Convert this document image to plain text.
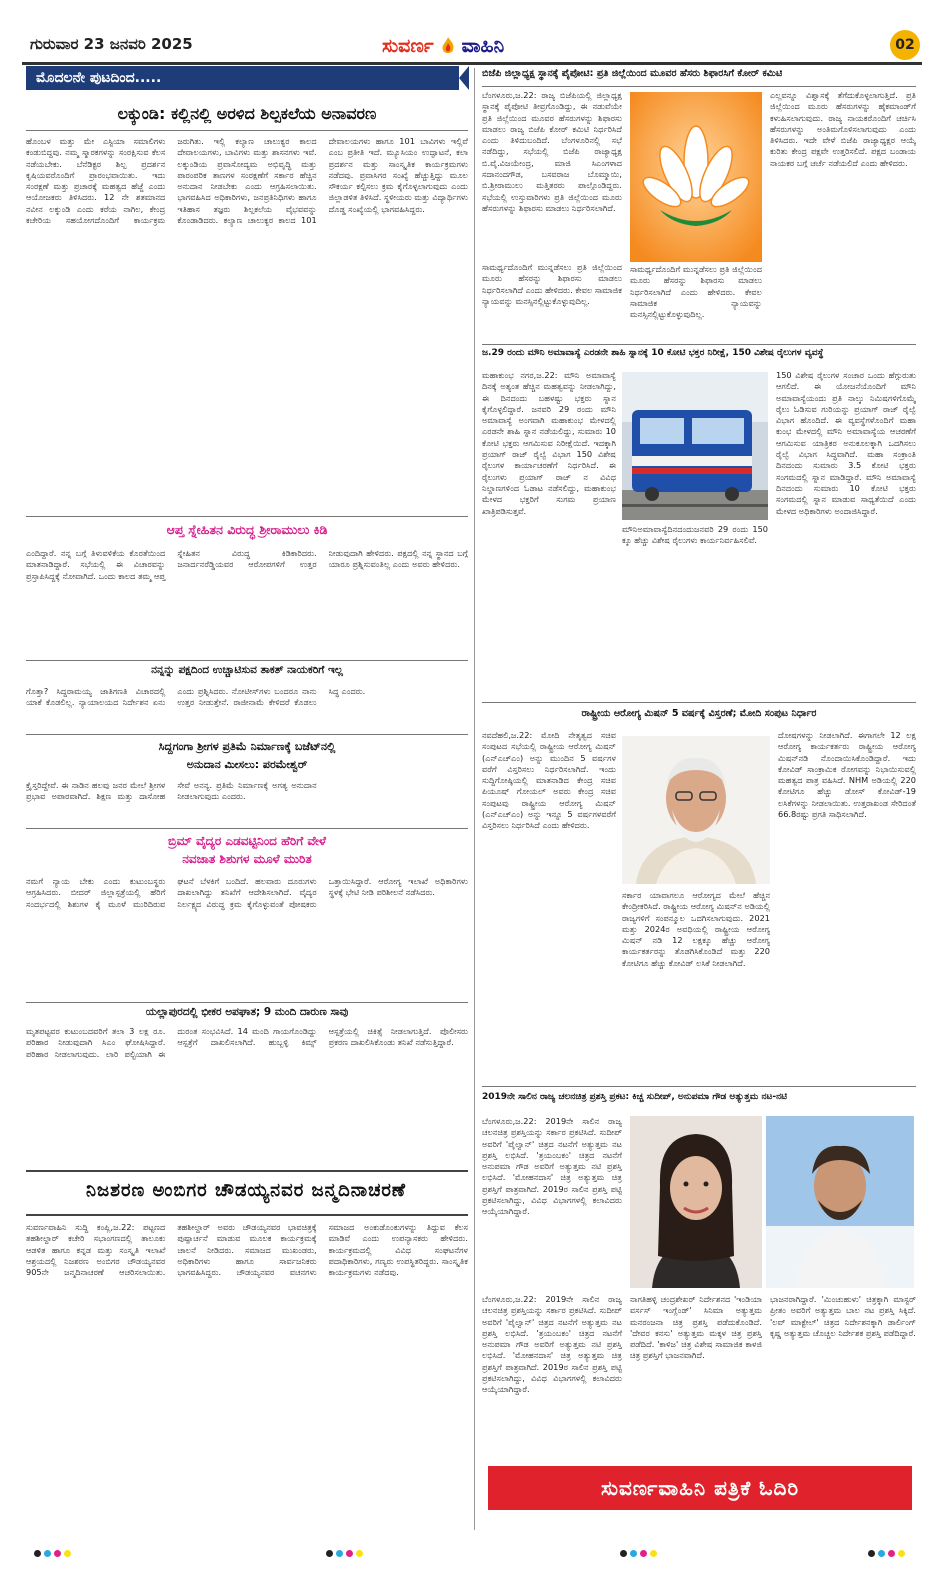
ಗುರುವಾರ 23 ಜನವರಿ 2025	ಸುವರ್ಣ ವಾಹಿನಿ	02
ಮೊದಲನೇ ಪುಟದಿಂದ.....
ಲಕ್ಕುಂಡಿ: ಕಲ್ಲಿನಲ್ಲಿ ಅರಳಿದ ಶಿಲ್ಪಕಲೆಯ ಅನಾವರಣ
ಹೊಂಬಳ ಮತ್ತು ಮೇ ಎಸ್ಟಿಯಾ ಸಮಾಲಿಗಳು ಕಂಡುಬಿದ್ದವು. ನಮ್ಮ ಸ್ಮಾರಕಗಳನ್ನು ಸಂರಕ್ಷಿಸುವ ಕೆಲಸ ನಡೆಯಬೇಕು. ಬೆನೆಡಿಕ್ಟರ ಶಿಲ್ಪ ಪ್ರದರ್ಶನ ಕೃಷಿಯವರೊಂದಿಗೆ ಪ್ರಾರಂಭವಾಯಿತು. ಇದು ಸಂರಕ್ಷಣೆ ಮತ್ತು ಪ್ರಚಾರಕ್ಕೆ ಮಹತ್ವದ ಹೆಜ್ಜೆ ಎಂದು ಆಯೋಜಕರು ತಿಳಿಸಿದರು. 12 ನೇ ಶತಮಾನದ ನವೀನ ಲಕ್ಕುಂಡಿ ಎಂದು ಕರೆಯ ನಾಗಿಲ, ಕೇಂದ್ರ ಕಚೇರಿಯ ಸಹಯೋಗದೊಂದಿಗೆ ಕಾರ್ಯಕ್ರಮ ಜರುಗಿತು. ಇಲ್ಲಿ ಕಲ್ಯಾಣ ಚಾಲುಕ್ಯರ ಕಾಲದ ದೇವಾಲಯಗಳು, ಬಾವಿಗಳು ಮತ್ತು ಶಾಸನಗಳು ಇವೆ. ಲಕ್ಕುಂಡಿಯ ಪ್ರವಾಸೋದ್ಯಮ ಅಭಿವೃದ್ಧಿ ಮತ್ತು ಪಾರಂಪರಿಕ ತಾಣಗಳ ಸಂರಕ್ಷಣೆಗೆ ಸರ್ಕಾರ ಹೆಚ್ಚಿನ ಅನುದಾನ ನೀಡಬೇಕು ಎಂದು ಆಗ್ರಹಿಸಲಾಯಿತು. ಭಾಗವಹಿಸಿದ ಅಧಿಕಾರಿಗಳು, ಜನಪ್ರತಿನಿಧಿಗಳು ಹಾಗೂ ಇತಿಹಾಸ ತಜ್ಞರು ಶಿಲ್ಪಕಲೆಯ ವೈಭವವನ್ನು ಕೊಂಡಾಡಿದರು. ಕಲ್ಯಾಣ ಚಾಲುಕ್ಯರ ಕಾಲದ 101 ದೇವಾಲಯಗಳು ಹಾಗೂ 101 ಬಾವಿಗಳು ಇಲ್ಲಿವೆ ಎಂಬ ಪ್ರತೀತಿ ಇದೆ. ಮ್ಯೂಸಿಯಂ ಉದ್ಘಾಟನೆ, ಕಲಾ ಪ್ರದರ್ಶನ ಮತ್ತು ಸಾಂಸ್ಕೃತಿಕ ಕಾರ್ಯಕ್ರಮಗಳು ನಡೆದವು. ಪ್ರವಾಸಿಗರ ಸಂಖ್ಯೆ ಹೆಚ್ಚುತ್ತಿದ್ದು ಮೂಲ ಸೌಕರ್ಯ ಕಲ್ಪಿಸಲು ಕ್ರಮ ಕೈಗೊಳ್ಳಲಾಗುವುದು ಎಂದು ಜಿಲ್ಲಾಡಳಿತ ತಿಳಿಸಿದೆ. ಸ್ಥಳೀಯರು ಮತ್ತು ವಿದ್ಯಾರ್ಥಿಗಳು ದೊಡ್ಡ ಸಂಖ್ಯೆಯಲ್ಲಿ ಭಾಗವಹಿಸಿದ್ದರು.
ಆಪ್ತ ಸ್ನೇಹಿತನ ವಿರುದ್ಧ ಶ್ರೀರಾಮುಲು ಕಿಡಿ
ಎಂದಿದ್ದಾರೆ. ನನ್ನ ಬಗ್ಗೆ ತಿಳುವಳಿಕೆಯ ಕೊರತೆಯಿಂದ ಮಾತನಾಡಿದ್ದಾರೆ. ಸಭೆಯಲ್ಲಿ ಈ ವಿಚಾರವನ್ನು ಪ್ರಸ್ತಾಪಿಸಿದ್ದಕ್ಕೆ ನೋವಾಗಿದೆ. ಒಂದು ಕಾಲದ ತಮ್ಮ ಆಪ್ತ ಸ್ನೇಹಿತನ ವಿರುದ್ಧ ಕಿಡಿಕಾರಿದರು. ಜನಾರ್ದನರೆಡ್ಡಿಯವರ ಆರೋಪಗಳಿಗೆ ಉತ್ತರ ನೀಡುವುದಾಗಿ ಹೇಳಿದರು. ಪಕ್ಷದಲ್ಲಿ ನನ್ನ ಸ್ಥಾನದ ಬಗ್ಗೆ ಯಾರೂ ಪ್ರಶ್ನಿಸುವಂತಿಲ್ಲ ಎಂದು ಅವರು ಹೇಳಿದರು.
ನನ್ನನ್ನು ಪಕ್ಷದಿಂದ ಉಚ್ಚಾಟಿಸುವ ತಾಕತ್ ನಾಯಕರಿಗೆ ಇಲ್ಲ
ಗೊತ್ತಾ? ಸಿದ್ದರಾಮಯ್ಯ ಜಾತಿಗಣತಿ ವಿಚಾರದಲ್ಲಿ ಯಾಕೆ ಕೊಡಲಿಲ್ಲ. ನ್ಯಾಯಾಲಯದ ನಿರ್ದೇಶನ ಏನು ಎಂದು ಪ್ರಶ್ನಿಸಿದರು. ನೋಟೀಸ್‌ಗಳು ಬಂದರೂ ನಾನು ಉತ್ತರ ನೀಡುತ್ತೇನೆ. ರಾಜೀನಾಮೆ ಕೇಳಿದರೆ ಕೊಡಲು ಸಿದ್ಧ ಎಂದರು.
ಸಿದ್ದಗಂಗಾ ಶ್ರೀಗಳ ಪ್ರತಿಮೆ ನಿರ್ಮಾಣಕ್ಕೆ ಬಜೆಟ್‌ನಲ್ಲಿ
ಅನುದಾನ ಮೀಸಲು: ಪರಮೇಶ್ವರ್
ಕ್ರೈಸ್ತರಿದ್ದೇವೆ. ಈ ನಾಡಿನ ಹಲವು ಜನರ ಮೇಲೆ ಶ್ರೀಗಳ ಪ್ರಭಾವ ಅಪಾರವಾಗಿದೆ. ಶಿಕ್ಷಣ ಮತ್ತು ದಾಸೋಹ ಸೇವೆ ಅನನ್ಯ. ಪ್ರತಿಮೆ ನಿರ್ಮಾಣಕ್ಕೆ ಅಗತ್ಯ ಅನುದಾನ ನೀಡಲಾಗುವುದು ಎಂದರು.
ಬ್ರಿಮ್ ವೈದ್ಯರ ಎಡವಟ್ಟಿನಿಂದ ಹೆರಿಗೆ ವೇಳೆ
ನವಜಾತ ಶಿಶುಗಳ ಮೂಳೆ ಮುರಿತ
ನಮಗೆ ನ್ಯಾಯ ಬೇಕು ಎಂದು ಕುಟುಂಬಸ್ಥರು ಆಗ್ರಹಿಸಿದರು. ಬೀದರ್ ಜಿಲ್ಲಾಸ್ಪತ್ರೆಯಲ್ಲಿ ಹೆರಿಗೆ ಸಂದರ್ಭದಲ್ಲಿ ಶಿಶುಗಳ ಕೈ ಮೂಳೆ ಮುರಿದಿರುವ ಘಟನೆ ಬೆಳಕಿಗೆ ಬಂದಿದೆ. ಹಲವಾರು ದೂರುಗಳು ದಾಖಲಾಗಿದ್ದು ತನಿಖೆಗೆ ಆದೇಶಿಸಲಾಗಿದೆ. ವೈದ್ಯರ ನಿರ್ಲಕ್ಷ್ಯದ ವಿರುದ್ಧ ಕ್ರಮ ಕೈಗೊಳ್ಳುವಂತೆ ಪೋಷಕರು ಒತ್ತಾಯಿಸಿದ್ದಾರೆ. ಆರೋಗ್ಯ ಇಲಾಖೆ ಅಧಿಕಾರಿಗಳು ಸ್ಥಳಕ್ಕೆ ಭೇಟಿ ನೀಡಿ ಪರಿಶೀಲನೆ ನಡೆಸಿದರು.
ಯಲ್ಲಾಪುರದಲ್ಲಿ ಭೀಕರ ಅಪಘಾತ; 9 ಮಂದಿ ದಾರುಣ ಸಾವು
ಮೃತಪಟ್ಟವರ ಕುಟುಂಬದವರಿಗೆ ತಲಾ 3 ಲಕ್ಷ ರೂ. ಪರಿಹಾರ ನೀಡುವುದಾಗಿ ಸಿಎಂ ಘೋಷಿಸಿದ್ದಾರೆ. ಪರಿಹಾರ ನೀಡಲಾಗುವುದು. ಲಾರಿ ಪಲ್ಟಿಯಾಗಿ ಈ ದುರಂತ ಸಂಭವಿಸಿದೆ. 14 ಮಂದಿ ಗಾಯಗೊಂಡಿದ್ದು ಆಸ್ಪತ್ರೆಗೆ ದಾಖಲಿಸಲಾಗಿದೆ. ಹುಬ್ಬಳ್ಳಿ ಕಿಮ್ಸ್ ಆಸ್ಪತ್ರೆಯಲ್ಲಿ ಚಿಕಿತ್ಸೆ ನೀಡಲಾಗುತ್ತಿದೆ. ಪೊಲೀಸರು ಪ್ರಕರಣ ದಾಖಲಿಸಿಕೊಂಡು ತನಿಖೆ ನಡೆಸುತ್ತಿದ್ದಾರೆ.
ನಿಜಶರಣ ಅಂಬಿಗರ ಚೌಡಯ್ಯನವರ ಜನ್ಮದಿನಾಚರಣೆ
ಸುವರ್ಣವಾಹಿನಿ ಸುದ್ದಿ ಕಂಪ್ಲಿ,ಜ.22: ಪಟ್ಟಣದ ತಹಶೀಲ್ದಾರ್ ಕಚೇರಿ ಸಭಾಂಗಣದಲ್ಲಿ ತಾಲೂಕು ಆಡಳಿತ ಹಾಗೂ ಕನ್ನಡ ಮತ್ತು ಸಂಸ್ಕೃತಿ ಇಲಾಖೆ ಆಶ್ರಯದಲ್ಲಿ ನಿಜಶರಣ ಅಂಬಿಗರ ಚೌಡಯ್ಯನವರ 905ನೇ ಜನ್ಮದಿನಾಚರಣೆ ಆಚರಿಸಲಾಯಿತು. ತಹಶೀಲ್ದಾರ್ ಅವರು ಚೌಡಯ್ಯನವರ ಭಾವಚಿತ್ರಕ್ಕೆ ಪುಷ್ಪಾರ್ಚನೆ ಮಾಡುವ ಮೂಲಕ ಕಾರ್ಯಕ್ರಮಕ್ಕೆ ಚಾಲನೆ ನೀಡಿದರು. ಸಮಾಜದ ಮುಖಂಡರು, ಅಧಿಕಾರಿಗಳು ಹಾಗೂ ಸಾರ್ವಜನಿಕರು ಭಾಗವಹಿಸಿದ್ದರು. ಚೌಡಯ್ಯನವರ ವಚನಗಳು ಸಮಾಜದ ಅಂಕುಡೊಂಕುಗಳನ್ನು ತಿದ್ದುವ ಕೆಲಸ ಮಾಡಿವೆ ಎಂದು ಉಪನ್ಯಾಸಕರು ಹೇಳಿದರು. ಕಾರ್ಯಕ್ರಮದಲ್ಲಿ ವಿವಿಧ ಸಂಘಟನೆಗಳ ಪದಾಧಿಕಾರಿಗಳು, ಗಣ್ಯರು ಉಪಸ್ಥಿತರಿದ್ದರು. ಸಾಂಸ್ಕೃತಿಕ ಕಾರ್ಯಕ್ರಮಗಳು ನಡೆದವು.
ಬಿಜೆಪಿ ಜಿಲ್ಲಾಧ್ಯಕ್ಷ ಸ್ಥಾನಕ್ಕೆ ಪೈಪೋಟಿ: ಪ್ರತಿ ಜಿಲ್ಲೆಯಿಂದ ಮೂವರ ಹೆಸರು ಶಿಫಾರಸಿಗೆ ಕೋರ್ ಕಮಿಟಿ
ಬೆಂಗಳೂರು,ಜ.22: ರಾಜ್ಯ ಬಿಜೆಪಿಯಲ್ಲಿ ಜಿಲ್ಲಾಧ್ಯಕ್ಷ ಸ್ಥಾನಕ್ಕೆ ಪೈಪೋಟಿ ತೀವ್ರಗೊಂಡಿದ್ದು, ಈ ನಡುವೆಯೇ ಪ್ರತಿ ಜಿಲ್ಲೆಯಿಂದ ಮೂವರ ಹೆಸರುಗಳನ್ನು ಶಿಫಾರಸು ಮಾಡಲು ರಾಜ್ಯ ಬಿಜೆಪಿ ಕೋರ್ ಕಮಿಟಿ ನಿರ್ಧರಿಸಿದೆ ಎಂದು ತಿಳಿದುಬಂದಿದೆ. ಬೆಂಗಳೂರಿನಲ್ಲಿ ಸಭೆ ನಡೆದಿದ್ದು, ಸಭೆಯಲ್ಲಿ ಬಿಜೆಪಿ ರಾಜ್ಯಾಧ್ಯಕ್ಷ ಬಿ.ವೈ.ವಿಜಯೇಂದ್ರ, ಮಾಜಿ ಸಿಎಂಗಳಾದ ಸದಾನಂದಗೌಡ, ಬಸವರಾಜ ಬೊಮ್ಮಾಯಿ, ಬಿ.ಶ್ರೀರಾಮುಲು ಮತ್ತಿತರರು ಪಾಲ್ಗೊಂಡಿದ್ದರು. ಸಭೆಯಲ್ಲಿ ಉಸ್ತುವಾರಿಗಳು ಪ್ರತಿ ಜಿಲ್ಲೆಯಿಂದ ಮೂರು ಹೆಸರುಗಳನ್ನು ಶಿಫಾರಸು ಮಾಡಲು ನಿರ್ಧರಿಸಲಾಗಿದೆ.
ಎಲ್ಲವನ್ನೂ ವಿಶ್ವಾಸಕ್ಕೆ ತೆಗೆದುಕೊಳ್ಳಲಾಗುತ್ತಿದೆ. ಪ್ರತಿ ಜಿಲ್ಲೆಯಿಂದ ಮೂರು ಹೆಸರುಗಳನ್ನು ಹೈಕಮಾಂಡ್‌ಗೆ ಕಳುಹಿಸಲಾಗುವುದು. ರಾಜ್ಯ ನಾಯಕರೊಂದಿಗೆ ಚರ್ಚಿಸಿ ಹೆಸರುಗಳನ್ನು ಅಂತಿಮಗೊಳಿಸಲಾಗುವುದು ಎಂದು ತಿಳಿಸಿದರು. ಇದೇ ವೇಳೆ ಬಿಜೆಪಿ ರಾಜ್ಯಾಧ್ಯಕ್ಷರ ಆಯ್ಕೆ ಕುರಿತು ಕೇಂದ್ರ ಪಕ್ಷವೇ ಉತ್ತರಿಸಲಿದೆ. ಪಕ್ಷದ ಬಂಡಾಯ ನಾಯಕರ ಬಗ್ಗೆ ಚರ್ಚೆ ನಡೆಯಲಿದೆ ಎಂದು ಹೇಳಿದರು.
ಸಾಮರ್ಥ್ಯದೊಂದಿಗೆ ಮುನ್ನಡೆಸಲು ಪ್ರತಿ ಜಿಲ್ಲೆಯಿಂದ ಮೂರು ಹೆಸರನ್ನು ಶಿಫಾರಸು ಮಾಡಲು ನಿರ್ಧರಿಸಲಾಗಿದೆ ಎಂದು ಹೇಳಿದರು. ಕೇವಲ ಸಾಮಾಜಿಕ ನ್ಯಾಯವನ್ನು ಮನಸ್ಸಿನಲ್ಲಿಟ್ಟುಕೊಳ್ಳುವುದಿಲ್ಲ.
ಸಾಮರ್ಥ್ಯದೊಂದಿಗೆ ಮುನ್ನಡೆಸಲು ಪ್ರತಿ ಜಿಲ್ಲೆಯಿಂದ ಮೂರು ಹೆಸರನ್ನು ಶಿಫಾರಸು ಮಾಡಲು ನಿರ್ಧರಿಸಲಾಗಿದೆ ಎಂದು ಹೇಳಿದರು. ಕೇವಲ ಸಾಮಾಜಿಕ ನ್ಯಾಯವನ್ನು ಮನಸ್ಸಿನಲ್ಲಿಟ್ಟುಕೊಳ್ಳುವುದಿಲ್ಲ.
ಜ.29 ರಂದು ಮೌನಿ ಅಮಾವಾಸ್ಯೆ ಎರಡನೇ ಶಾಹಿ ಸ್ನಾನಕ್ಕೆ 10 ಕೋಟಿ ಭಕ್ತರ ನಿರೀಕ್ಷೆ, 150 ವಿಶೇಷ ರೈಲುಗಳ ವ್ಯವಸ್ಥೆ
ಮಹಾಕುಂಭ ನಗರ,ಜ.22: ಮೌನಿ ಅಮಾವಾಸ್ಯೆ ದಿನಕ್ಕೆ ಅತ್ಯಂತ ಹೆಚ್ಚಿನ ಮಹತ್ವವನ್ನು ನೀಡಲಾಗಿದ್ದು, ಈ ದಿನದಂದು ಬಹಳಷ್ಟು ಭಕ್ತರು ಸ್ನಾನ ಕೈಗೊಳ್ಳಲಿದ್ದಾರೆ. ಜನವರಿ 29 ರಂದು ಮೌನಿ ಅಮಾವಾಸ್ಯೆ ಅಂಗವಾಗಿ ಮಹಾಕುಂಭ ಮೇಳದಲ್ಲಿ ಎರಡನೇ ಶಾಹಿ ಸ್ನಾನ ನಡೆಯಲಿದ್ದು, ಸುಮಾರು 10 ಕೋಟಿ ಭಕ್ತರು ಆಗಮಿಸುವ ನಿರೀಕ್ಷೆಯಿದೆ. ಇದಕ್ಕಾಗಿ ಪ್ರಯಾಗ್ ರಾಜ್ ರೈಲ್ವೆ ವಿಭಾಗ 150 ವಿಶೇಷ ರೈಲುಗಳ ಕಾರ್ಯಾಚರಣೆಗೆ ನಿರ್ಧರಿಸಿದೆ. ಈ ರೈಲುಗಳು ಪ್ರಯಾಗ್ ರಾಜ್ ನ ವಿವಿಧ ನಿಲ್ದಾಣಗಳಿಂದ ಓಡಾಟ ನಡೆಸಲಿದ್ದು, ಮಹಾಕುಂಭ ಮೇಳದ ಭಕ್ತರಿಗೆ ಸುಗಮ ಪ್ರಯಾಣ ಖಾತ್ರಿಪಡಿಸುತ್ತವೆ.
ಮೌನಿಅಮಾವಾಸ್ಯೆದಿನದಂದುಜನವರಿ 29 ರಂದು 150 ಕ್ಕೂ ಹೆಚ್ಚು ವಿಶೇಷ ರೈಲುಗಳು ಕಾರ್ಯನಿರ್ವಹಿಸಲಿವೆ.
150 ವಿಶೇಷ ರೈಲುಗಳ ಸಂಚಾರ ಒಂದು ಹೆಗ್ಗುರುತು ಆಗಲಿದೆ. ಈ ಯೋಜನೆಯೊಂದಿಗೆ ಮೌನಿ ಅಮಾವಾಸ್ಯೆಯಂದು ಪ್ರತಿ ನಾಲ್ಕು ನಿಮಿಷಗಳಿಗೊಮ್ಮೆ ರೈಲು ಓಡಿಸುವ ಗುರಿಯನ್ನು ಪ್ರಯಾಗ್ ರಾಜ್ ರೈಲ್ವೆ ವಿಭಾಗ ಹೊಂದಿದೆ. ಈ ವ್ಯವಸ್ಥೆಗಳೊಂದಿಗೆ ಮಹಾ ಕುಂಭ ಮೇಳದಲ್ಲಿ ಮೌನಿ ಅಮಾವಾಸ್ಯೆಯ ಆಚರಣೆಗೆ ಆಗಮಿಸುವ ಯಾತ್ರಿಕರ ಅನುಕೂಲಕ್ಕಾಗಿ ಒದಗಿಸಲು ರೈಲ್ವೆ ವಿಭಾಗ ಸಿದ್ಧವಾಗಿದೆ. ಮಹಾ ಸಂಕ್ರಾಂತಿ ದಿನದಂದು ಸುಮಾರು 3.5 ಕೋಟಿ ಭಕ್ತರು ಸಂಗಮದಲ್ಲಿ ಸ್ನಾನ ಮಾಡಿದ್ದಾರೆ. ಮೌನಿ ಅಮಾವಾಸ್ಯೆ ದಿನದಂದು ಸುಮಾರು 10 ಕೋಟಿ ಭಕ್ತರು ಸಂಗಮದಲ್ಲಿ ಸ್ನಾನ ಮಾಡುವ ಸಾಧ್ಯತೆಯಿದೆ ಎಂದು ಮೇಳದ ಅಧಿಕಾರಿಗಳು ಅಂದಾಜಿಸಿದ್ದಾರೆ.
ರಾಷ್ಟ್ರೀಯ ಆರೋಗ್ಯ ಮಿಷನ್ 5 ವರ್ಷಕ್ಕೆ ವಿಸ್ತರಣೆ; ಮೋದಿ ಸಂಪುಟ ನಿರ್ಧಾರ
ನವದೆಹಲಿ,ಜ.22: ಮೋದಿ ನೇತೃತ್ವದ ಸಚಿವ ಸಂಪುಟದ ಸಭೆಯಲ್ಲಿ ರಾಷ್ಟ್ರೀಯ ಆರೋಗ್ಯ ಮಿಷನ್ (ಎನ್‌ಎಚ್‌ಎಂ) ಅನ್ನು ಮುಂದಿನ 5 ವರ್ಷಗಳ ವರೆಗೆ ವಿಸ್ತರಿಸಲು ನಿರ್ಧರಿಸಲಾಗಿದೆ. ಇಂದು ಸುದ್ದಿಗೋಷ್ಠಿಯಲ್ಲಿ ಮಾತನಾಡಿದ ಕೇಂದ್ರ ಸಚಿವ ಪಿಯೂಷ್ ಗೋಯಲ್ ಅವರು ಕೇಂದ್ರ ಸಚಿವ ಸಂಪುಟವು ರಾಷ್ಟ್ರೀಯ ಆರೋಗ್ಯ ಮಿಷನ್ (ಎನ್‌ಎಚ್‌ಎಂ) ಅನ್ನು ಇನ್ನೂ 5 ವರ್ಷಗಳವರೆಗೆ ವಿಸ್ತರಿಸಲು ನಿರ್ಧರಿಸಿದೆ ಎಂದು ಹೇಳಿದರು.
ಸರ್ಕಾರ ಯಾವಾಗಲೂ ಆರೋಗ್ಯದ ಮೇಲೆ ಹೆಚ್ಚಿನ ಕೇಂದ್ರೀಕರಿಸಿದೆ. ರಾಷ್ಟ್ರೀಯ ಆರೋಗ್ಯ ಮಿಷನ್‌ನ ಅಡಿಯಲ್ಲಿ ರಾಜ್ಯಗಳಿಗೆ ಸಂಪನ್ಮೂಲ ಒದಗಿಸಲಾಗುವುದು. 2021 ಮತ್ತು 2024ರ ಅವಧಿಯಲ್ಲಿ ರಾಷ್ಟ್ರೀಯ ಆರೋಗ್ಯ ಮಿಷನ್ ನಡಿ 12 ಲಕ್ಷಕ್ಕೂ ಹೆಚ್ಚು ಆರೋಗ್ಯ ಕಾರ್ಯಕರ್ತರನ್ನು ತೊಡಗಿಸಿಕೊಂಡಿದೆ ಮತ್ತು 220 ಕೋಟಿಗೂ ಹೆಚ್ಚು ಕೋವಿಡ್ ಲಸಿಕೆ ನೀಡಲಾಗಿದೆ.
ದೋಷಗಳನ್ನು ನೀಡಲಾಗಿದೆ. ಈಗಾಗಲೇ 12 ಲಕ್ಷ ಆರೋಗ್ಯ ಕಾರ್ಯಕರ್ತರು ರಾಷ್ಟ್ರೀಯ ಆರೋಗ್ಯ ಮಿಷನ್‌ನಡಿ ನೊಂದಾಯಿಸಿಕೊಂಡಿದ್ದಾರೆ. ಇದು ಕೋವಿಡ್ ಸಾಂಕ್ರಾಮಿಕ ರೋಗವನ್ನು ನಿಭಾಯಿಸುವಲ್ಲಿ ಮಹತ್ವದ ಪಾತ್ರ ವಹಿಸಿದೆ. NHM ಅಡಿಯಲ್ಲಿ 220 ಕೋಟಿಗೂ ಹೆಚ್ಚು ಡೋಸ್ ಕೋವಿಡ್-19 ಲಸಿಕೆಗಳನ್ನು ನೀಡಲಾಯಿತು. ಉತ್ತರಾಖಂಡ ಸೇರಿದಂತೆ 66.8ರಷ್ಟು ಪ್ರಗತಿ ಸಾಧಿಸಲಾಗಿದೆ.
2019ನೇ ಸಾಲಿನ ರಾಜ್ಯ ಚಲನಚಿತ್ರ ಪ್ರಶಸ್ತಿ ಪ್ರಕಟ: ಕಿಚ್ಚ ಸುದೀಪ್, ಅನುಪಮಾ ಗೌಡ ಅತ್ಯುತ್ತಮ ನಟ-ನಟಿ
ಬೆಂಗಳೂರು,ಜ.22: 2019ನೇ ಸಾಲಿನ ರಾಜ್ಯ ಚಲನಚಿತ್ರ ಪ್ರಶಸ್ತಿಯನ್ನು ಸರ್ಕಾರ ಪ್ರಕಟಿಸಿದೆ. ಸುದೀಪ್ ಅವರಿಗೆ 'ಪೈಲ್ವಾನ್' ಚಿತ್ರದ ನಟನೆಗೆ ಅತ್ಯುತ್ತಮ ನಟ ಪ್ರಶಸ್ತಿ ಲಭಿಸಿದೆ. 'ತ್ರಯಂಬಕಂ' ಚಿತ್ರದ ನಟನೆಗೆ ಅನುಪಮಾ ಗೌಡ ಅವರಿಗೆ ಅತ್ಯುತ್ತಮ ನಟಿ ಪ್ರಶಸ್ತಿ ಲಭಿಸಿದೆ. 'ಮೋಹನದಾಸ' ಚಿತ್ರ ಅತ್ಯುತ್ತಮ ಚಿತ್ರ ಪ್ರಶಸ್ತಿಗೆ ಪಾತ್ರವಾಗಿದೆ. 2019ರ ಸಾಲಿನ ಪ್ರಶಸ್ತಿ ಪಟ್ಟಿ ಪ್ರಕಟಿಸಲಾಗಿದ್ದು, ವಿವಿಧ ವಿಭಾಗಗಳಲ್ಲಿ ಕಲಾವಿದರು ಆಯ್ಕೆಯಾಗಿದ್ದಾರೆ.
ಬೆಂಗಳೂರು,ಜ.22: 2019ನೇ ಸಾಲಿನ ರಾಜ್ಯ ಚಲನಚಿತ್ರ ಪ್ರಶಸ್ತಿಯನ್ನು ಸರ್ಕಾರ ಪ್ರಕಟಿಸಿದೆ. ಸುದೀಪ್ ಅವರಿಗೆ 'ಪೈಲ್ವಾನ್' ಚಿತ್ರದ ನಟನೆಗೆ ಅತ್ಯುತ್ತಮ ನಟ ಪ್ರಶಸ್ತಿ ಲಭಿಸಿದೆ. 'ತ್ರಯಂಬಕಂ' ಚಿತ್ರದ ನಟನೆಗೆ ಅನುಪಮಾ ಗೌಡ ಅವರಿಗೆ ಅತ್ಯುತ್ತಮ ನಟಿ ಪ್ರಶಸ್ತಿ ಲಭಿಸಿದೆ. 'ಮೋಹನದಾಸ' ಚಿತ್ರ ಅತ್ಯುತ್ತಮ ಚಿತ್ರ ಪ್ರಶಸ್ತಿಗೆ ಪಾತ್ರವಾಗಿದೆ. 2019ರ ಸಾಲಿನ ಪ್ರಶಸ್ತಿ ಪಟ್ಟಿ ಪ್ರಕಟಿಸಲಾಗಿದ್ದು, ವಿವಿಧ ವಿಭಾಗಗಳಲ್ಲಿ ಕಲಾವಿದರು ಆಯ್ಕೆಯಾಗಿದ್ದಾರೆ.
ನಾಗತಿಹಳ್ಳಿ ಚಂದ್ರಶೇಖರ್ ನಿರ್ದೇಶನದ 'ಇಂಡಿಯಾ ವರ್ಸಸ್ ಇಂಗ್ಲೆಂಡ್' ಸಿನಿಮಾ ಅತ್ಯುತ್ತಮ ಮನರಂಜನಾ ಚಿತ್ರ ಪ್ರಶಸ್ತಿ ಪಡೆದುಕೊಂಡಿದೆ. 'ದೇವರ ಕನಸು' ಅತ್ಯುತ್ತಮ ಮಕ್ಕಳ ಚಿತ್ರ ಪ್ರಶಸ್ತಿ ಪಡೆದಿದೆ. 'ಕಾಳಿಜ' ಚಿತ್ರ ವಿಶೇಷ ಸಾಮಾಜಿಕ ಕಾಳಜಿ ಚಿತ್ರ ಪ್ರಶಸ್ತಿಗೆ ಭಾಜನವಾಗಿದೆ.
ಭಾಜನರಾಗಿದ್ದಾರೆ. 'ಮಿಂಚುಹುಳು' ಚಿತ್ರಕ್ಕಾಗಿ ಮಾಸ್ಟರ್ ಪ್ರೀತಂ ಅವರಿಗೆ ಅತ್ಯುತ್ತಮ ಬಾಲ ನಟ ಪ್ರಶಸ್ತಿ ಸಿಕ್ಕಿದೆ. 'ಲವ್ ಮಾಕ್ಟೇಲ್' ಚಿತ್ರದ ನಿರ್ದೇಶನಕ್ಕಾಗಿ ಡಾರ್ಲಿಂಗ್ ಕೃಷ್ಣ ಅತ್ಯುತ್ತಮ ಚೊಚ್ಚಲ ನಿರ್ದೇಶಕ ಪ್ರಶಸ್ತಿ ಪಡೆದಿದ್ದಾರೆ.
ಸುವರ್ಣವಾಹಿನಿ ಪತ್ರಿಕೆ ಓದಿರಿ
